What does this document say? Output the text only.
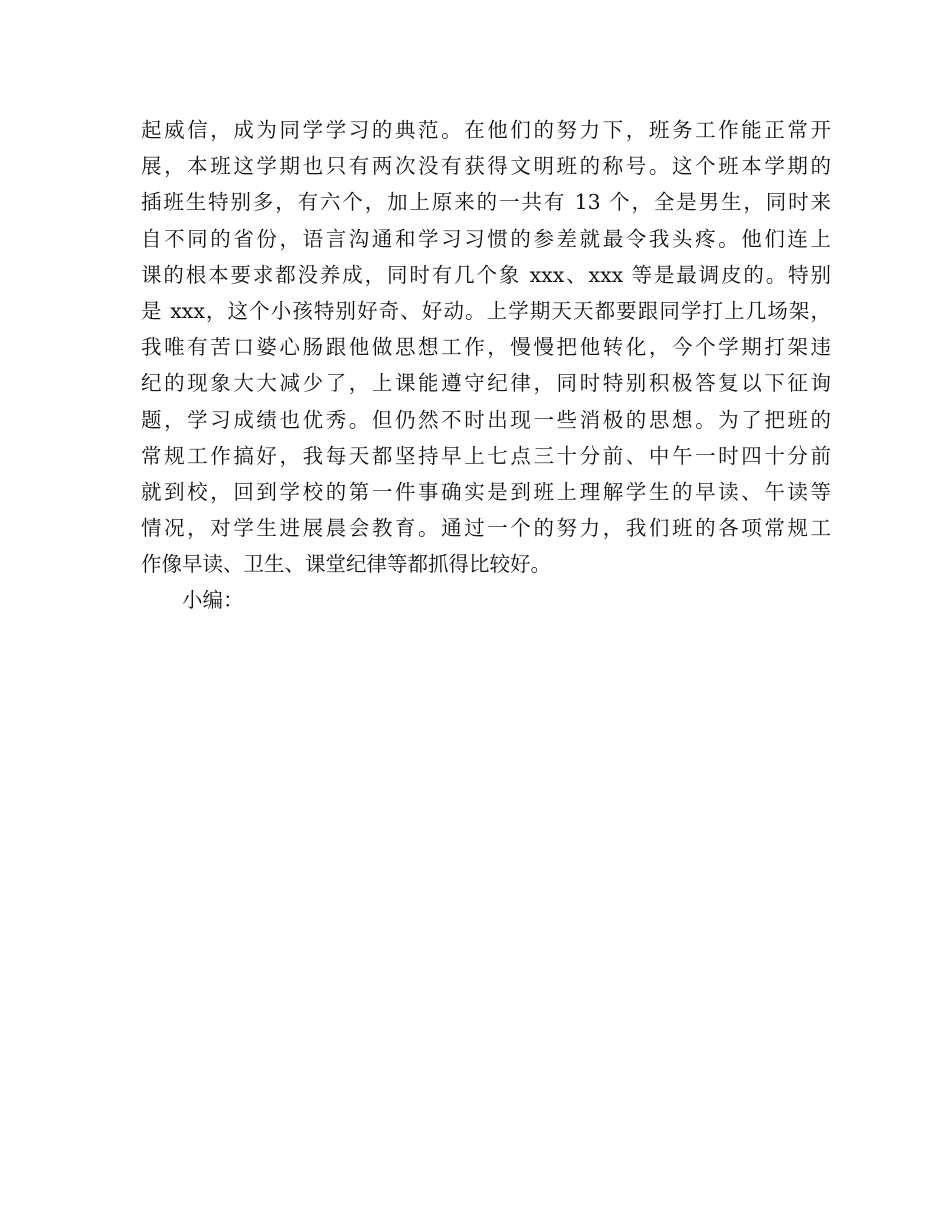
起威信，成为同学学习的典范。在他们的努力下，班务工作能正常开
展，本班这学期也只有两次没有获得文明班的称号。这个班本学期的
插班生特别多，有六个，加上原来的一共有 13 个，全是男生，同时来
自不同的省份，语言沟通和学习习惯的参差就最令我头疼。他们连上
课的根本要求都没养成，同时有几个象 xxx、xxx 等是最调皮的。特别
是 xxx，这个小孩特别好奇、好动。上学期天天都要跟同学打上几场架，
我唯有苦口婆心肠跟他做思想工作，慢慢把他转化，今个学期打架违
纪的现象大大减少了，上课能遵守纪律，同时特别积极答复以下征询
题，学习成绩也优秀。但仍然不时出现一些消极的思想。为了把班的
常规工作搞好，我每天都坚持早上七点三十分前、中午一时四十分前
就到校，回到学校的第一件事确实是到班上理解学生的早读、午读等
情况，对学生进展晨会教育。通过一个的努力，我们班的各项常规工
作像早读、卫生、课堂纪律等都抓得比较好。
小编：
